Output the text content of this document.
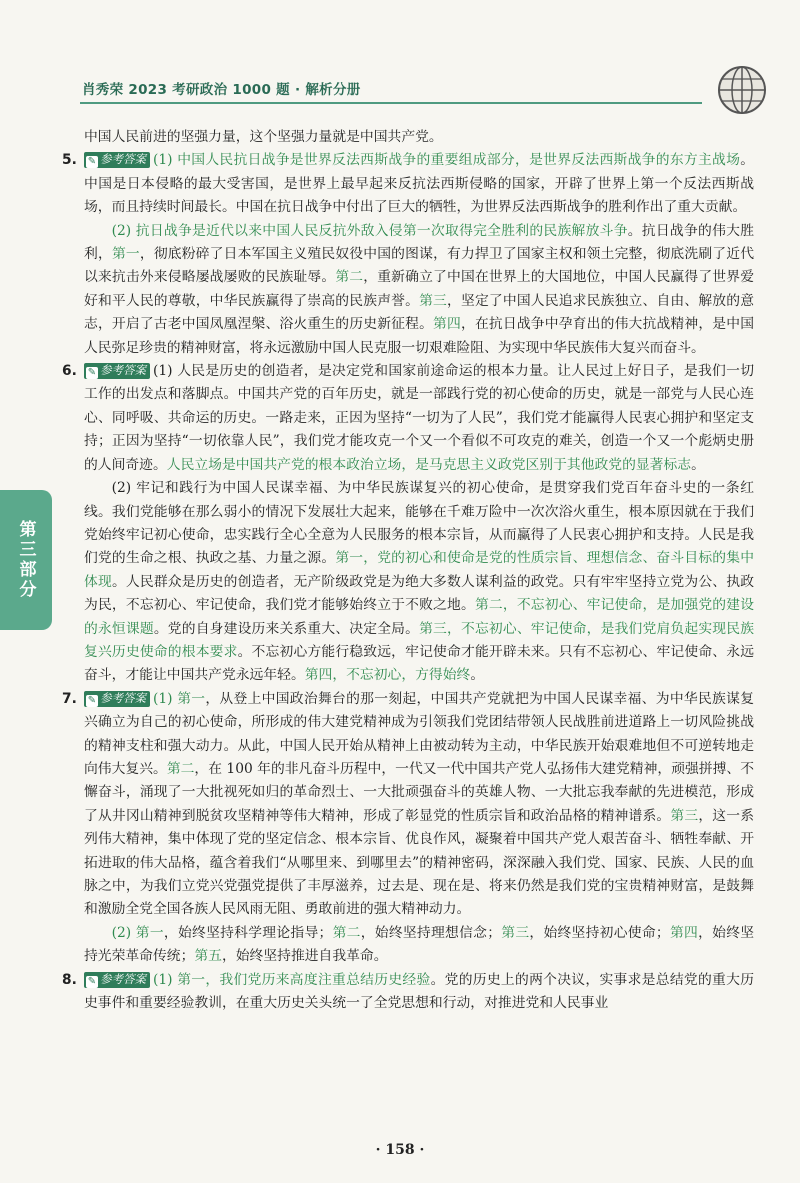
肖秀荣 2023 考研政治 1000 题 · 解析分册
第三部分

中国人民前进的坚强力量，这个坚强力量就是中国共产党。

5. ✎ 参考答案 (1) 中国人民抗日战争是世界反法西斯战争的重要组成部分，是世界反法西斯战争的东方主战场。中国是日本侵略的最大受害国，是世界上最早起来反抗法西斯侵略的国家，开辟了世界上第一个反法西斯战场，而且持续时间最长。中国在抗日战争中付出了巨大的牺牲，为世界反法西斯战争的胜利作出了重大贡献。

(2) 抗日战争是近代以来中国人民反抗外敌入侵第一次取得完全胜利的民族解放斗争。抗日战争的伟大胜利，第一，彻底粉碎了日本军国主义殖民奴役中国的图谋，有力捍卫了国家主权和领土完整，彻底洗刷了近代以来抗击外来侵略屡战屡败的民族耻辱。第二，重新确立了中国在世界上的大国地位，中国人民赢得了世界爱好和平人民的尊敬，中华民族赢得了崇高的民族声誉。第三，坚定了中国人民追求民族独立、自由、解放的意志，开启了古老中国凤凰涅槃、浴火重生的历史新征程。第四，在抗日战争中孕育出的伟大抗战精神，是中国人民弥足珍贵的精神财富，将永远激励中国人民克服一切艰难险阻、为实现中华民族伟大复兴而奋斗。

6. ✎ 参考答案 (1) 人民是历史的创造者，是决定党和国家前途命运的根本力量。让人民过上好日子，是我们一切工作的出发点和落脚点。中国共产党的百年历史，就是一部践行党的初心使命的历史，就是一部党与人民心连心、同呼吸、共命运的历史。一路走来，正因为坚持“一切为了人民”，我们党才能赢得人民衷心拥护和坚定支持；正因为坚持“一切依靠人民”，我们党才能攻克一个又一个看似不可攻克的难关，创造一个又一个彪炳史册的人间奇迹。人民立场是中国共产党的根本政治立场，是马克思主义政党区别于其他政党的显著标志。

(2) 牢记和践行为中国人民谋幸福、为中华民族谋复兴的初心使命，是贯穿我们党百年奋斗史的一条红线。我们党能够在那么弱小的情况下发展壮大起来，能够在千难万险中一次次浴火重生，根本原因就在于我们党始终牢记初心使命，忠实践行全心全意为人民服务的根本宗旨，从而赢得了人民衷心拥护和支持。人民是我们党的生命之根、执政之基、力量之源。第一，党的初心和使命是党的性质宗旨、理想信念、奋斗目标的集中体现。人民群众是历史的创造者，无产阶级政党是为绝大多数人谋利益的政党。只有牢牢坚持立党为公、执政为民，不忘初心、牢记使命，我们党才能够始终立于不败之地。第二，不忘初心、牢记使命，是加强党的建设的永恒课题。党的自身建设历来关系重大、决定全局。第三，不忘初心、牢记使命，是我们党肩负起实现民族复兴历史使命的根本要求。不忘初心方能行稳致远，牢记使命才能开辟未来。只有不忘初心、牢记使命、永远奋斗，才能让中国共产党永远年轻。第四，不忘初心，方得始终。

7. ✎ 参考答案 (1) 第一，从登上中国政治舞台的那一刻起，中国共产党就把为中国人民谋幸福、为中华民族谋复兴确立为自己的初心使命，所形成的伟大建党精神成为引领我们党团结带领人民战胜前进道路上一切风险挑战的精神支柱和强大动力。从此，中国人民开始从精神上由被动转为主动，中华民族开始艰难地但不可逆转地走向伟大复兴。第二，在 100 年的非凡奋斗历程中，一代又一代中国共产党人弘扬伟大建党精神，顽强拼搏、不懈奋斗，涌现了一大批视死如归的革命烈士、一大批顽强奋斗的英雄人物、一大批忘我奉献的先进模范，形成了从井冈山精神到脱贫攻坚精神等伟大精神，形成了彰显党的性质宗旨和政治品格的精神谱系。第三，这一系列伟大精神，集中体现了党的坚定信念、根本宗旨、优良作风，凝聚着中国共产党人艰苦奋斗、牺牲奉献、开拓进取的伟大品格，蕴含着我们“从哪里来、到哪里去”的精神密码，深深融入我们党、国家、民族、人民的血脉之中，为我们立党兴党强党提供了丰厚滋养，过去是、现在是、将来仍然是我们党的宝贵精神财富，是鼓舞和激励全党全国各族人民风雨无阻、勇敢前进的强大精神动力。

(2) 第一，始终坚持科学理论指导；第二，始终坚持理想信念；第三，始终坚持初心使命；第四，始终坚持光荣革命传统；第五，始终坚持推进自我革命。

8. ✎ 参考答案 (1) 第一，我们党历来高度注重总结历史经验。党的历史上的两个决议，实事求是总结党的重大历史事件和重要经验教训，在重大历史关头统一了全党思想和行动，对推进党和人民事业

· 158 ·
